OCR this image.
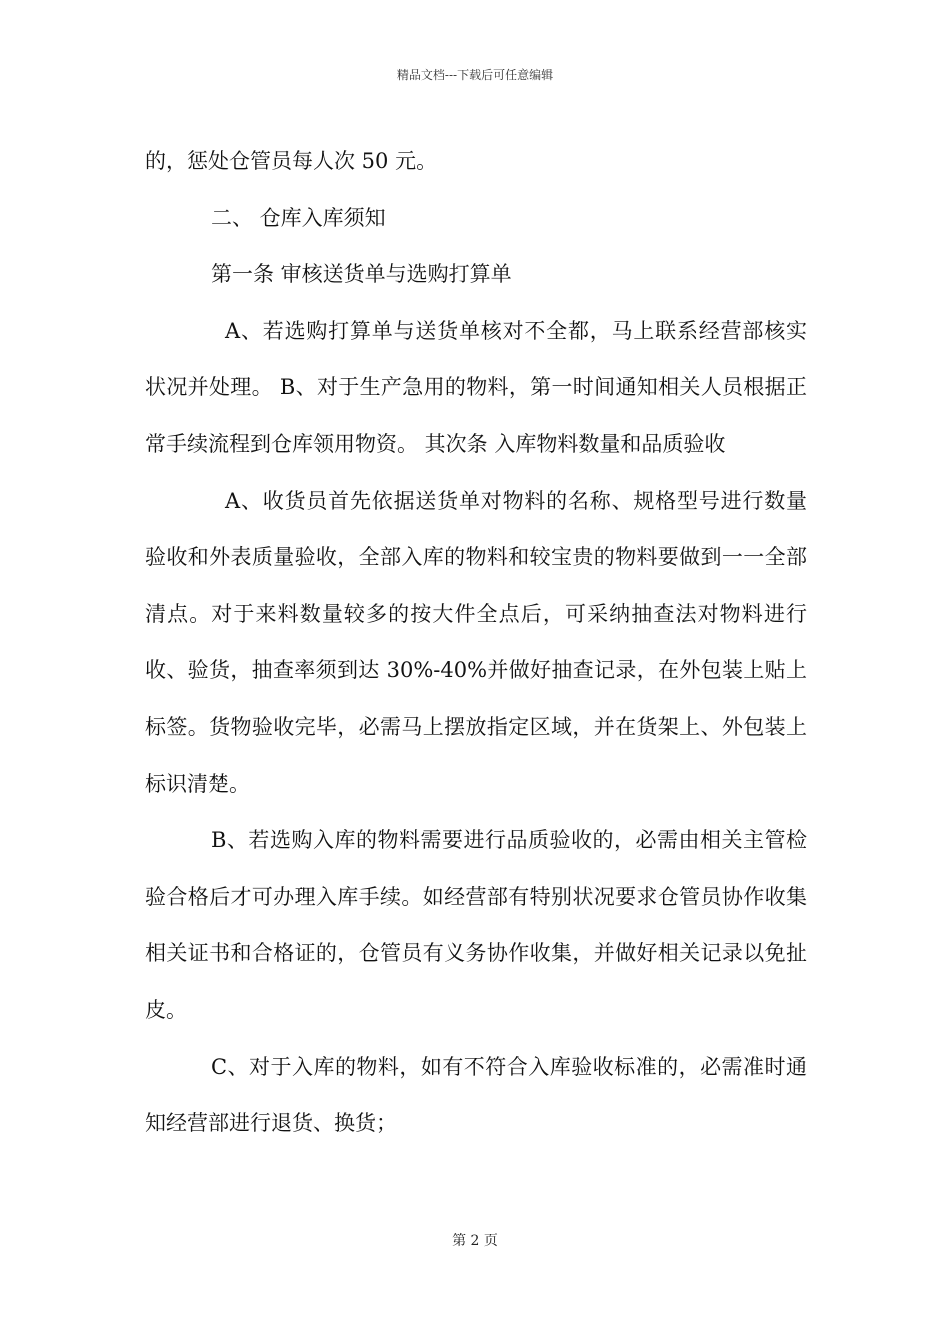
精品文档---下载后可任意编辑

的，惩处仓管员每人次 50 元。

二、 仓库入库须知

第一条 审核送货单与选购打算单

A、若选购打算单与送货单核对不全都，马上联系经营部核实状况并处理。 B、对于生产急用的物料，第一时间通知相关人员根据正常手续流程到仓库领用物资。 其次条 入库物料数量和品质验收

A、收货员首先依据送货单对物料的名称、规格型号进行数量验收和外表质量验收，全部入库的物料和较宝贵的物料要做到一一全部清点。对于来料数量较多的按大件全点后，可采纳抽查法对物料进行收、验货，抽查率须到达 30%-40%并做好抽查记录，在外包装上贴上标签。货物验收完毕，必需马上摆放指定区域，并在货架上、外包装上标识清楚。

B、若选购入库的物料需要进行品质验收的，必需由相关主管检验合格后才可办理入库手续。如经营部有特别状况要求仓管员协作收集相关证书和合格证的，仓管员有义务协作收集，并做好相关记录以免扯皮。

C、对于入库的物料，如有不符合入库验收标准的，必需准时通知经营部进行退货、换货；

第 2 页
